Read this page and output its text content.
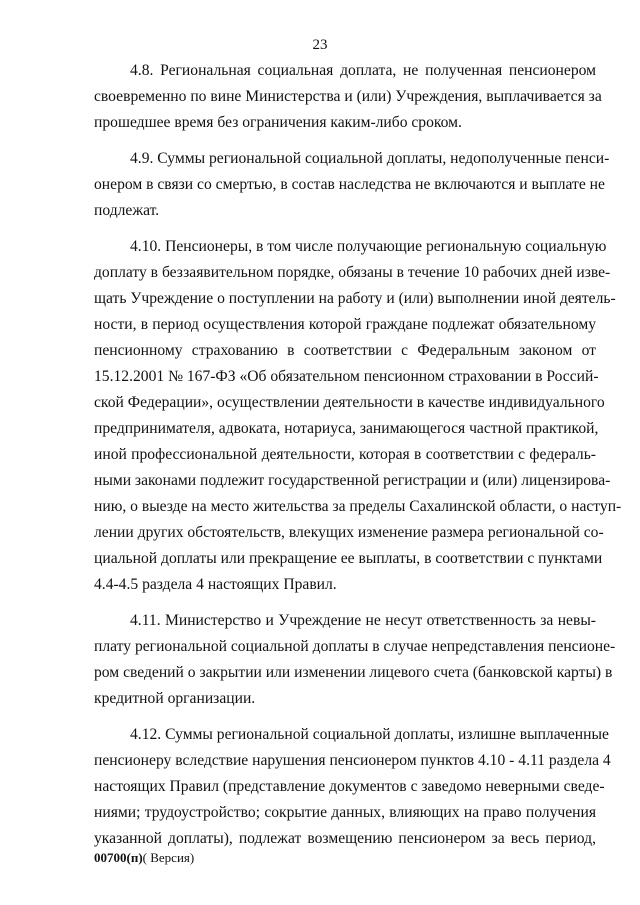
23
4.8. Региональная социальная доплата, не полученная пенсионером
своевременно по вине Министерства и (или) Учреждения, выплачивается за
прошедшее время без ограничения каким-либо сроком.
4.9. Суммы региональной социальной доплаты, недополученные пенси-
онером в связи со смертью, в состав наследства не включаются и выплате не
подлежат.
4.10. Пенсионеры, в том числе получающие региональную социальную
доплату в беззаявительном порядке, обязаны в течение 10 рабочих дней изве-
щать Учреждение о поступлении на работу и (или) выполнении иной деятель-
ности, в период осуществления которой граждане подлежат обязательному
пенсионному страхованию в соответствии с Федеральным законом от
15.12.2001 № 167-ФЗ «Об обязательном пенсионном страховании в Россий-
ской Федерации», осуществлении деятельности в качестве индивидуального
предпринимателя, адвоката, нотариуса, занимающегося частной практикой,
иной профессиональной деятельности, которая в соответствии с федераль-
ными законами подлежит государственной регистрации и (или) лицензирова-
нию, о выезде на место жительства за пределы Сахалинской области, о наступ-
лении других обстоятельств, влекущих изменение размера региональной со-
циальной доплаты или прекращение ее выплаты, в соответствии с пунктами
4.4-4.5 раздела 4 настоящих Правил.
4.11. Министерство и Учреждение не несут ответственность за невы-
плату региональной социальной доплаты в случае непредставления пенсионе-
ром сведений о закрытии или изменении лицевого счета (банковской карты) в
кредитной организации.
4.12. Суммы региональной социальной доплаты, излишне выплаченные
пенсионеру вследствие нарушения пенсионером пунктов 4.10 - 4.11 раздела 4
настоящих Правил (представление документов с заведомо неверными сведе-
ниями; трудоустройство; сокрытие данных, влияющих на право получения
указанной доплаты), подлежат возмещению пенсионером за весь период,
00700(п)( Версия)
